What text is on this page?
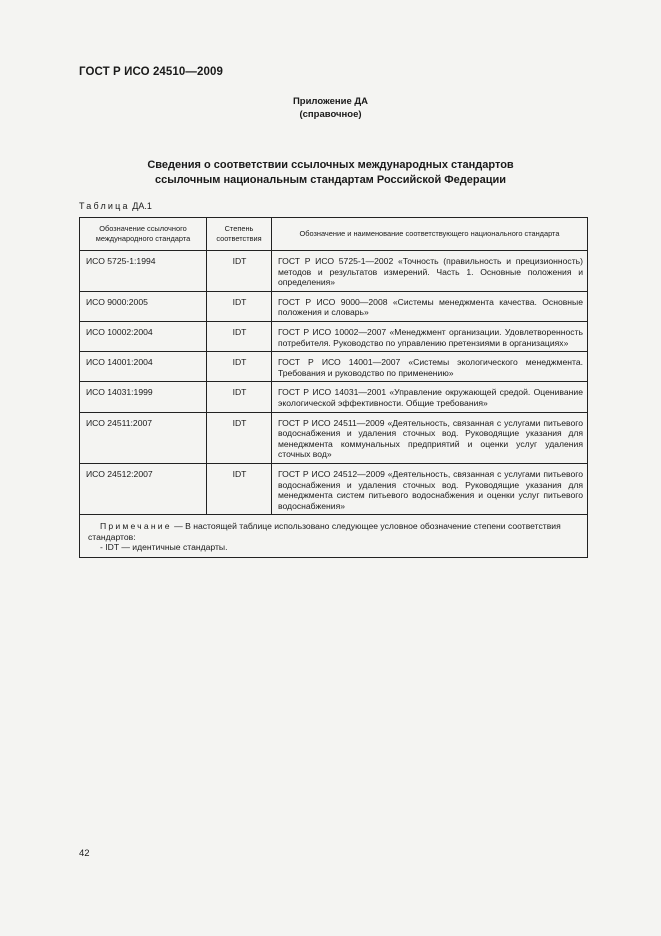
ГОСТ Р ИСО 24510—2009
Приложение ДА
(справочное)
Сведения о соответствии ссылочных международных стандартов
ссылочным национальным стандартам Российской Федерации
Таблица ДА.1
Обозначение ссылочного международного стандарта	Степень соответствия	Обозначение и наименование соответствующего национального стандарта
ИСО 5725-1:1994	IDT	ГОСТ Р ИСО 5725-1—2002 «Точность (правильность и прецизионность) методов и результатов измерений. Часть 1. Основные положения и определения»
ИСО 9000:2005	IDT	ГОСТ Р ИСО 9000—2008 «Системы менеджмента качества. Основные положения и словарь»
ИСО 10002:2004	IDT	ГОСТ Р ИСО 10002—2007 «Менеджмент организации. Удовлетворенность потребителя. Руководство по управлению претензиями в организациях»
ИСО 14001:2004	IDT	ГОСТ Р ИСО 14001—2007 «Системы экологического менеджмента. Требования и руководство по применению»
ИСО 14031:1999	IDT	ГОСТ Р ИСО 14031—2001 «Управление окружающей средой. Оценивание экологической эффективности. Общие требования»
ИСО 24511:2007	IDT	ГОСТ Р ИСО 24511—2009 «Деятельность, связанная с услугами питьевого водоснабжения и удаления сточных вод. Руководящие указания для менеджмента коммунальных предприятий и оценки услуг удаления сточных вод»
ИСО 24512:2007	IDT	ГОСТ Р ИСО 24512—2009 «Деятельность, связанная с услугами питьевого водоснабжения и удаления сточных вод. Руководящие указания для менеджмента систем питьевого водоснабжения и оценки услуг питьевого водоснабжения»

Примечание — В настоящей таблице использовано следующее условное обозначение степени соответствия стандартов:
- IDT — идентичные стандарты.		
42
